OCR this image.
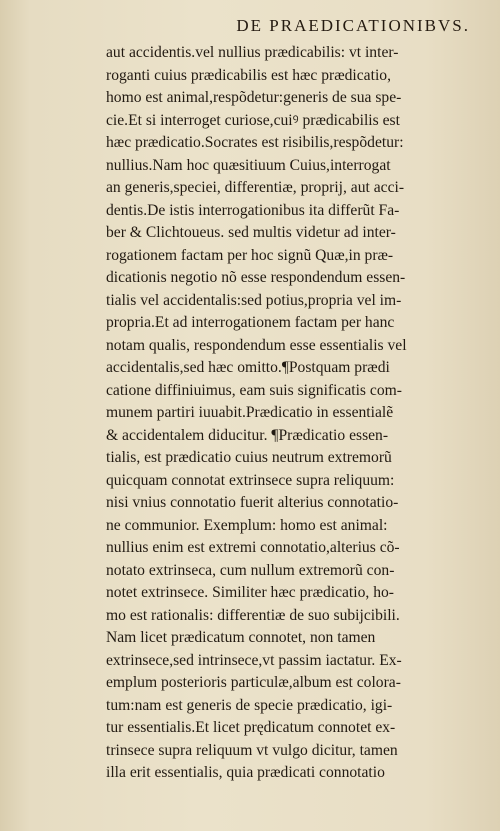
DE PRAEDICATIONIBVS.
aut accidentis.vel nullius prædicabilis: vt inter-
roganti cuius prædicabilis est hæc prædicatio,
homo est animal,respõdetur:generis de sua spe-
cie.Et si interroget curiose,cuiꝰ prædicabilis est
hæc prædicatio.Socrates est risibilis,respõdetur:
nullius.Nam hoc quæsitiuum Cuius,interrogat
an generis,speciei, differentiæ, proprij, aut acci-
dentis.De istis interrogationibus ita differũt Fa-
ber & Clichtoueus. sed multis videtur ad inter-
rogationem factam per hoc signũ Quæ,in præ-
dicationis negotio nõ esse respondendum essen-
tialis vel accidentalis:sed potius,propria vel im-
propria.Et ad interrogationem factam per hanc
notam qualis, respondendum esse essentialis vel
accidentalis,sed hæc omitto.¶Postquam prædi
catione diffiniuimus, eam suis significatis com-
munem partiri iuuabit.Prædicatio in essentialẽ
& accidentalem diducitur. ¶Prædicatio essen-
tialis, est prædicatio cuius neutrum extremorũ
quicquam connotat extrinsece supra reliquum:
nisi vnius connotatio fuerit alterius connotatio-
ne communior. Exemplum: homo est animal:
nullius enim est extremi connotatio,alterius cõ-
notato extrinseca, cum nullum extremorũ con-
notet extrinsece. Similiter hæc prædicatio, ho-
mo est rationalis: differentiæ de suo subijcibili.
Nam licet prædicatum connotet, non tamen
extrinsece,sed intrinsece,vt passim iactatur. Ex-
emplum posterioris particulæ,album est colora-
tum:nam est generis de specie prædicatio, igi-
tur essentialis.Et licet prędicatum connotet ex-
trinsece supra reliquum vt vulgo dicitur, tamen
illa erit essentialis, quia prædicati connotatio
